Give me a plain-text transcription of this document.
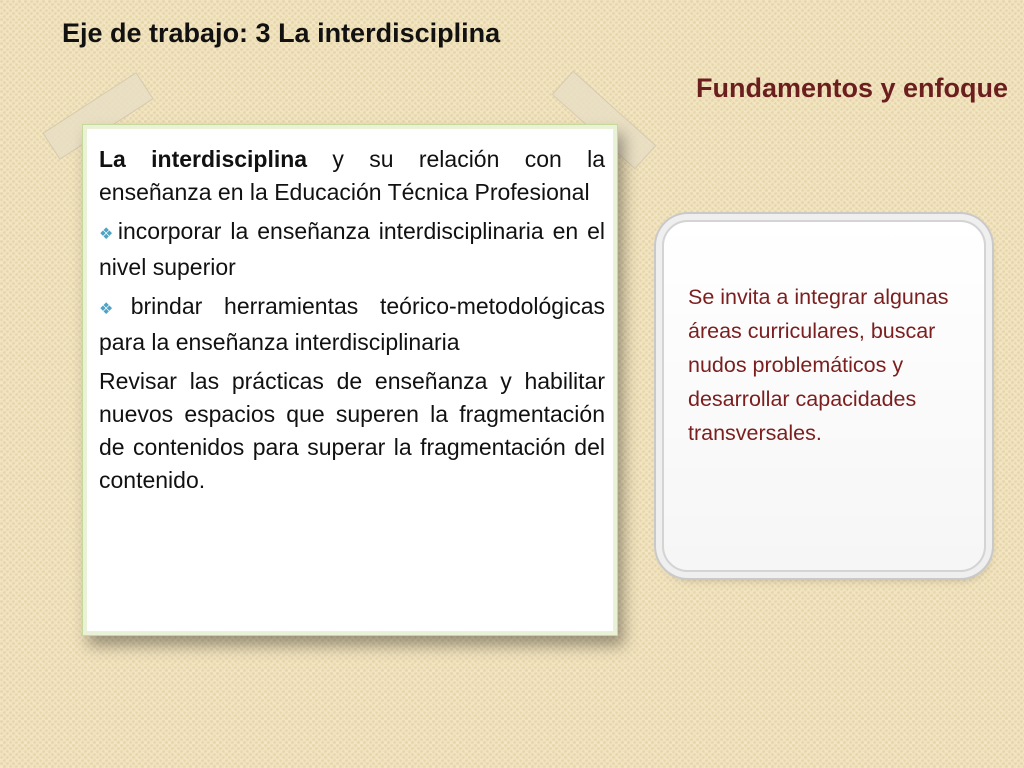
Eje de trabajo: 3 La interdisciplina
Fundamentos y enfoque

La interdisciplina y su relación con la enseñanza en la Educación Técnica Profesional

❖incorporar la enseñanza interdisciplinaria en el nivel superior

❖brindar herramientas teórico-metodológicas para la enseñanza interdisciplinaria

Revisar las prácticas de enseñanza y habilitar nuevos espacios que superen la fragmentación de contenidos para superar la fragmentación del contenido.

Se invita a integrar algunas áreas curriculares, buscar nudos problemáticos y desarrollar capacidades transversales.
